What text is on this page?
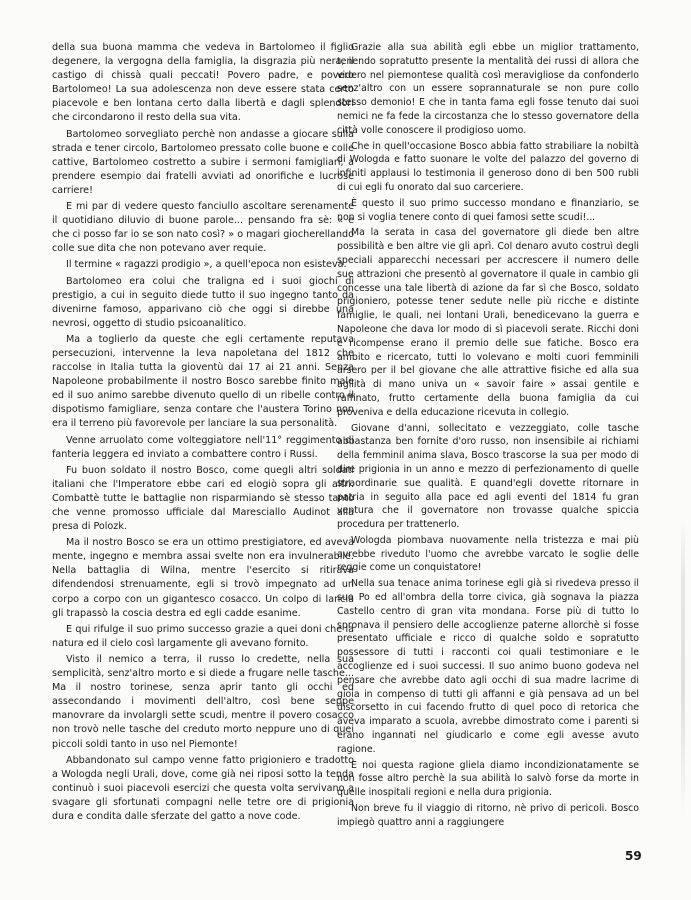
della sua buona mamma che vedeva in Bartolomeo il figlio degenere, la vergogna della famiglia, la disgrazia più nera, il castigo di chissà quali peccati! Povero padre, e povero Bartolomeo! La sua adolescenza non deve essere stata certo piacevole e ben lontana certo dalla libertà e dagli splendori che circondarono il resto della sua vita.

Bartolomeo sorvegliato perchè non andasse a giocare sulla strada e tener circolo, Bartolomeo pressato colle buone e colle cattive, Bartolomeo costretto a subire i sermoni famigliari, a prendere esempio dai fratelli avviati ad onorifiche e lucrose carriere!

E mi par di vedere questo fanciullo ascoltare serenamente il quotidiano diluvio di buone parole... pensando fra sè: « e che ci posso far io se son nato così? » o magari giocherellando colle sue dita che non potevano aver requie.

Il termine « ragazzi prodigio », a quell'epoca non esisteva.

Bartolomeo era colui che traligna ed i suoi giochi di prestigio, a cui in seguito diede tutto il suo ingegno tanto da divenirne famoso, apparivano ciò che oggi si direbbe una nevrosi, oggetto di studio psicoanalitico.

Ma a toglierlo da queste che egli certamente reputava persecuzioni, intervenne la leva napoletana del 1812 che raccolse in Italia tutta la gioventù dai 17 ai 21 anni. Senza Napoleone probabilmente il nostro Bosco sarebbe finito male ed il suo animo sarebbe divenuto quello di un ribelle contro il dispotismo famigliare, senza contare che l'austera Torino non era il terreno più favorevole per lanciare la sua personalità.

Venne arruolato come volteggiatore nell'11° reggimento di fanteria leggera ed inviato a combattere contro i Russi.

Fu buon soldato il nostro Bosco, come quegli altri soldati italiani che l'Imperatore ebbe cari ed elogiò sopra gli altri. Combattè tutte le battaglie non risparmiando sè stesso tanto che venne promosso ufficiale dal Maresciallo Audinot alla presa di Polozk.

Ma il nostro Bosco se era un ottimo prestigiatore, ed aveva mente, ingegno e membra assai svelte non era invulnerabile. Nella battaglia di Wilna, mentre l'esercito si ritirava difendendosi strenuamente, egli si trovò impegnato ad un corpo a corpo con un gigantesco cosacco. Un colpo di lancia gli trapassò la coscia destra ed egli cadde esanime.

E qui rifulge il suo primo successo grazie a quei doni che la natura ed il cielo così largamente gli avevano fornito.

Visto il nemico a terra, il russo lo credette, nella sua semplicità, senz'altro morto e si diede a frugare nelle tasche... Ma il nostro torinese, senza aprir tanto gli occhi ed assecondando i movimenti dell'altro, così bene seppe manovrare da involargli sette scudi, mentre il povero cosacco non trovò nelle tasche del creduto morto neppure uno di quei piccoli soldi tanto in uso nel Piemonte!

Abbandonato sul campo venne fatto prigioniero e tradotto a Wologda negli Urali, dove, come già nei riposi sotto la tenda continuò i suoi piacevoli esercizi che questa volta servivano a svagare gli sfortunati compagni nelle tetre ore di prigionia dura e condita dalle sferzate del gatto a nove code.

Grazie alla sua abilità egli ebbe un miglior trattamento, tenendo sopratutto presente la mentalità dei russi di allora che videro nel piemontese qualità così meravigliose da confonderlo senz'altro con un essere soprannaturale se non pure collo stesso demonio! E che in tanta fama egli fosse tenuto dai suoi nemici ne fa fede la circostanza che lo stesso governatore della città volle conoscere il prodigioso uomo.

Che in quell'occasione Bosco abbia fatto strabiliare la nobiltà di Wologda e fatto suonare le volte del palazzo del governo di infiniti applausi lo testimonia il generoso dono di ben 500 rubli di cui egli fu onorato dal suo carceriere.

È questo il suo primo successo mondano e finanziario, se non si voglia tenere conto di quei famosi sette scudi!...

Ma la serata in casa del governatore gli diede ben altre possibilità e ben altre vie gli aprì. Col denaro avuto costruì degli speciali apparecchi necessari per accrescere il numero delle sue attrazioni che presentò al governatore il quale in cambio gli concesse una tale libertà di azione da far sì che Bosco, soldato prigioniero, potesse tener sedute nelle più ricche e distinte famiglie, le quali, nei lontani Urali, benedicevano la guerra e Napoleone che dava lor modo di sì piacevoli serate. Ricchi doni e ricompense erano il premio delle sue fatiche. Bosco era ambito e ricercato, tutti lo volevano e molti cuori femminili arsero per il bel giovane che alle attrattive fisiche ed alla sua agilità di mano univa un « savoir faire » assai gentile e raffinato, frutto certamente della buona famiglia da cui proveniva e della educazione ricevuta in collegio.

Giovane d'anni, sollecitato e vezzeggiato, colle tasche abbastanza ben fornite d'oro russo, non insensibile ai richiami della femminil anima slava, Bosco trascorse la sua per modo di dire prigionia in un anno e mezzo di perfezionamento di quelle straordinarie sue qualità. E quand'egli dovette ritornare in patria in seguito alla pace ed agli eventi del 1814 fu gran ventura che il governatore non trovasse qualche spiccia procedura per trattenerlo.

Wologda piombava nuovamente nella tristezza e mai più avrebbe riveduto l'uomo che avrebbe varcato le soglie delle reggie come un conquistatore!

Nella sua tenace anima torinese egli già si rivedeva presso il suo Po ed all'ombra della torre civica, già sognava la piazza Castello centro di gran vita mondana. Forse più di tutto lo spronava il pensiero delle accoglienze paterne allorchè si fosse presentato ufficiale e ricco di qualche soldo e sopratutto possessore di tutti i racconti coi quali testimoniare e le accoglienze ed i suoi successi. Il suo animo buono godeva nel pensare che avrebbe dato agli occhi di sua madre lacrime di gioia in compenso di tutti gli affanni e già pensava ad un bel discorsetto in cui facendo frutto di quel poco di retorica che aveva imparato a scuola, avrebbe dimostrato come i parenti si erano ingannati nel giudicarlo e come egli avesse avuto ragione.

E noi questa ragione gliela diamo incondizionatamente se non fosse altro perchè la sua abilità lo salvò forse da morte in quelle inospitali regioni e nella dura prigionia.

Non breve fu il viaggio di ritorno, nè privo di pericoli. Bosco impiegò quattro anni a raggiungere

59
